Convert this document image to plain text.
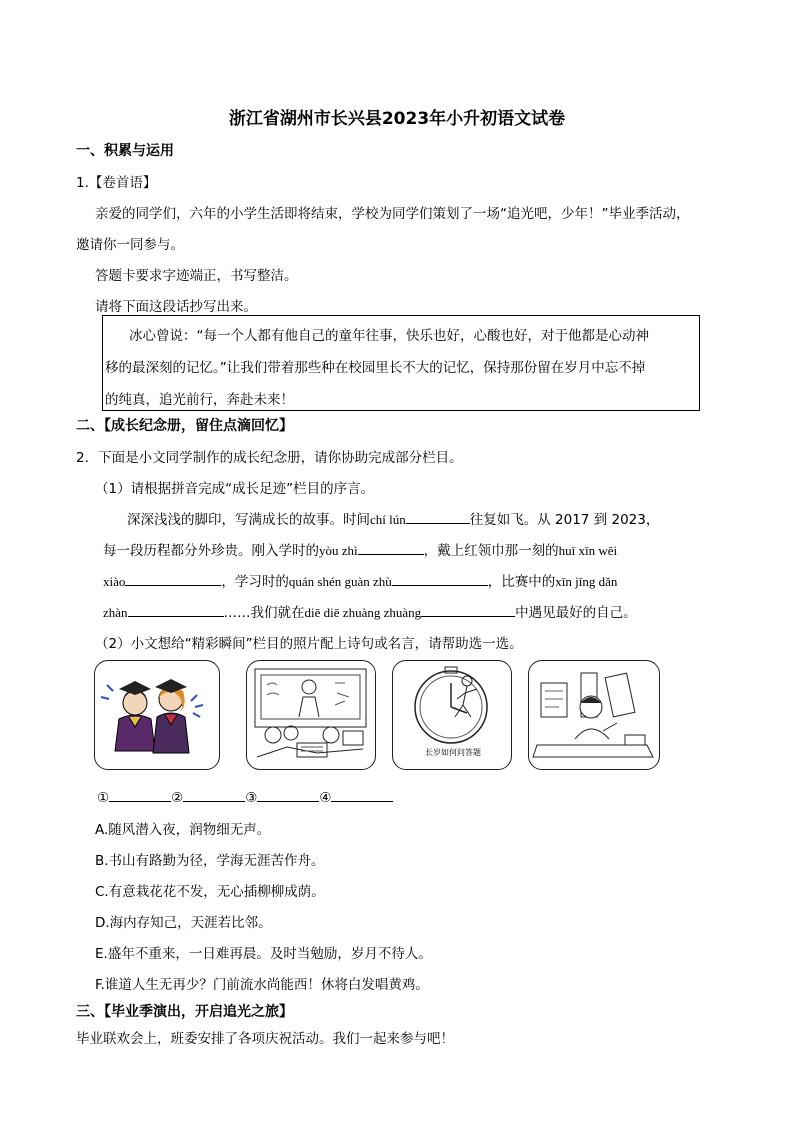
浙江省湖州市长兴县2023年小升初语文试卷
一、积累与运用
1.【卷首语】
亲爱的同学们，六年的小学生活即将结束，学校为同学们策划了一场“追光吧，少年！”毕业季活动，
邀请你一同参与。
答题卡要求字迹端正，书写整洁。
请将下面这段话抄写出来。
冰心曾说：“每一个人都有他自己的童年往事，快乐也好，心酸也好，对于他都是心动神
移的最深刻的记忆。”让我们带着那些种在校园里长不大的记忆，保持那份留在岁月中忘不掉
的纯真，追光前行，奔赴未来！
二、【成长纪念册，留住点滴回忆】
2．下面是小文同学制作的成长纪念册，请你协助完成部分栏目。
（1）请根据拼音完成“成长足迹”栏目的序言。
深深浅浅的脚印，写满成长的故事。时间chí lún	往复如飞。从 2017 到 2023，
每一段历程都分外珍贵。刚入学时的yòu zhì	，戴上红领巾那一刻的huī xīn wēi
xiào	，学习时的quán shén guàn zhù	，比赛中的xīn jīng dǎn
zhàn	……我们就在diē diē zhuàng zhuàng	中遇见最好的自己。
（2）小文想给“精彩瞬间”栏目的照片配上诗句或名言，请帮助选一选。
长岁如何问答题
①	②	③	④
A.随风潜入夜，润物细无声。
B.书山有路勤为径，学海无涯苦作舟。
C.有意栽花花不发，无心插柳柳成荫。
D.海内存知己，天涯若比邻。
E.盛年不重来，一日难再晨。及时当勉励，岁月不待人。
F.谁道人生无再少？门前流水尚能西！休将白发唱黄鸡。
三、【毕业季演出，开启追光之旅】
毕业联欢会上，班委安排了各项庆祝活动。我们一起来参与吧！
